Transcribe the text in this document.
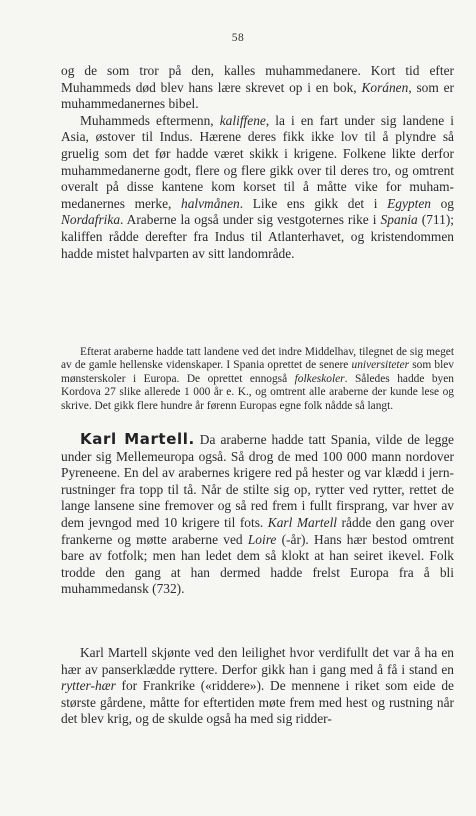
58

og de som tror på den, kalles muhammedanere. Kort tid efter Muhammeds død blev hans lære skrevet op i en bok, Koránen, som er muhammedanernes bibel.

Muhammeds eftermenn, kaliffene, la i en fart under sig landene i Asia, østover til Indus. Hærene deres fikk ikke lov til å plyndre så gruelig som det før hadde været skikk i krigene. Folkene likte derfor muhammedanerne godt, flere og flere gikk over til deres tro, og omtrent overalt på disse kantene kom korset til å måtte vike for muhammedanernes merke, halvmånen. Like ens gikk det i Egypten og Nordafrika. Araberne la også under sig vestgoternes rike i Spania (711); kaliffen rådde derefter fra Indus til Atlanterhavet, og kristendommen hadde mistet halvparten av sitt landområde.

Efterat araberne hadde tatt landene ved det indre Middelhav, tilegnet de sig meget av de gamle hellenske videnskaper. I Spania oprettet de senere universiteter som blev mønsterskoler i Europa. De oprettet ennogså folkeskoler. Således hadde byen Kordova 27 slike allerede 1 000 år e. K., og omtrent alle araberne der kunde lese og skrive. Det gikk flere hundre år førenn Europas egne folk nådde så langt.

Karl Martell. Da araberne hadde tatt Spania, vilde de legge under sig Mellemeuropa også. Så drog de med 100 000 mann nordover Pyreneene. En del av arabernes krigere red på hester og var klædd i jernrustninger fra topp til tå. Når de stilte sig op, rytter ved rytter, rettet de lange lansene sine fremover og så red frem i fullt firsprang, var hver av dem jevngod med 10 krigere til fots. Karl Martell rådde den gang over frankerne og møtte araberne ved Loire (-år). Hans hær bestod omtrent bare av fotfolk; men han ledet dem så klokt at han seiret ikevel. Folk trodde den gang at han dermed hadde frelst Europa fra å bli muhammedansk (732).

Karl Martell skjønte ved den leilighet hvor verdifullt det var å ha en hær av panserklædde ryttere. Derfor gikk han i gang med å få i stand en rytter-hær for Frankrike («riddere»). De mennene i riket som eide de største gårdene, måtte for eftertiden møte frem med hest og rustning når det blev krig, og de skulde også ha med sig ridder-
